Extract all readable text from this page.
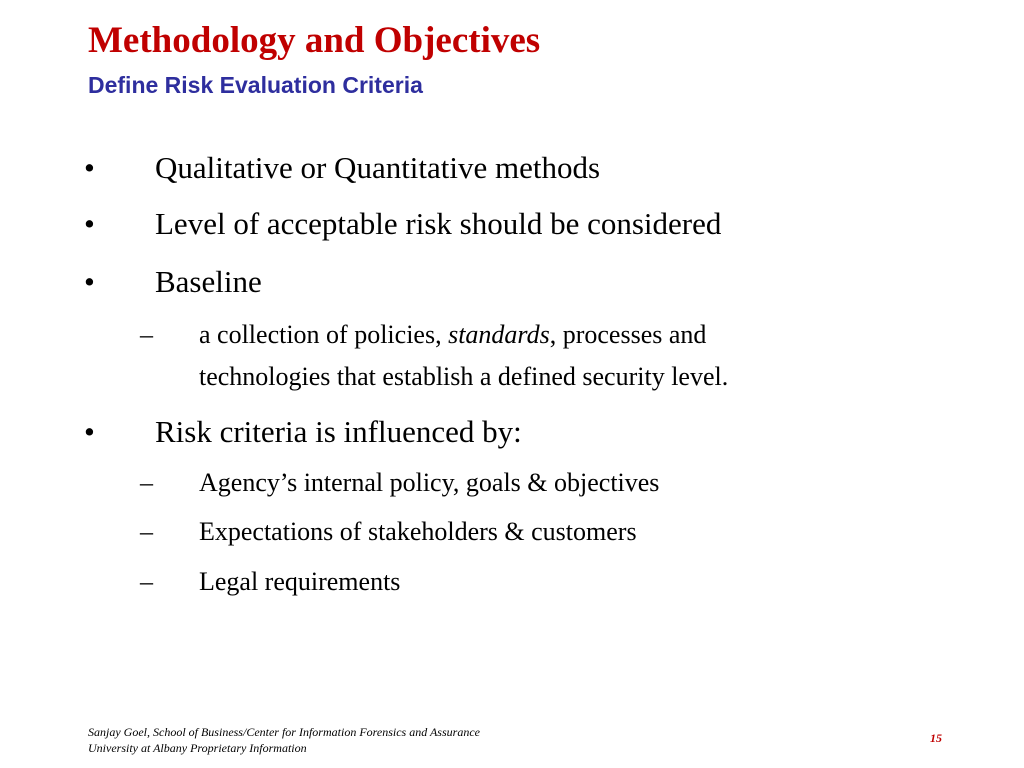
Methodology and Objectives
Define Risk Evaluation Criteria
•	Qualitative or Quantitative methods
•	Level of acceptable risk should be considered
•	Baseline
– a collection of policies, standards, processes and
technologies that establish a defined security level.
•	Risk criteria is influenced by:
– Agency’s internal policy, goals & objectives
– Expectations of stakeholders & customers
– Legal requirements
Sanjay Goel, School of Business/Center for Information Forensics and Assurance
University at Albany Proprietary Information
15
